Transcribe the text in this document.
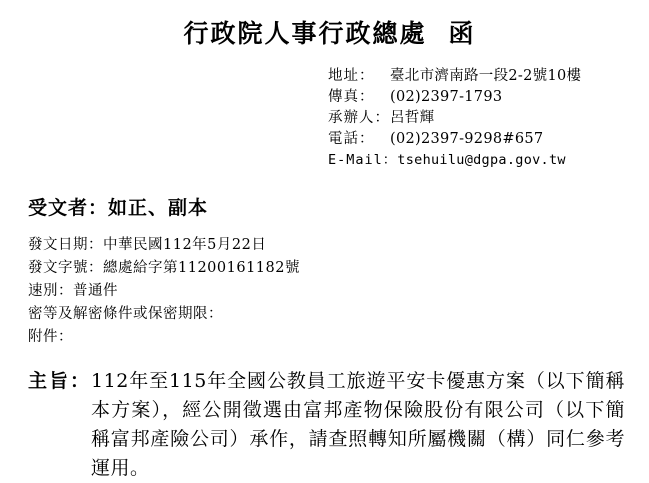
行政院人事行政總處 函
地址：	臺北市濟南路一段2-2號10樓
傳真：	(02)2397-1793
承辦人： 呂哲輝
電話：	(02)2397-9298#657
E-Mail： tsehuilu@dgpa.gov.tw
受文者：如正、副本
發文日期：中華民國112年5月22日
發文字號：總處給字第11200161182號
速別：普通件
密等及解密條件或保密期限：
附件：
主旨： 112年至115年全國公教員工旅遊平安卡優惠方案（以下簡稱本方案），經公開徵選由富邦產物保險股份有限公司（以下簡稱富邦產險公司）承作，請查照轉知所屬機關（構）同仁參考運用。
